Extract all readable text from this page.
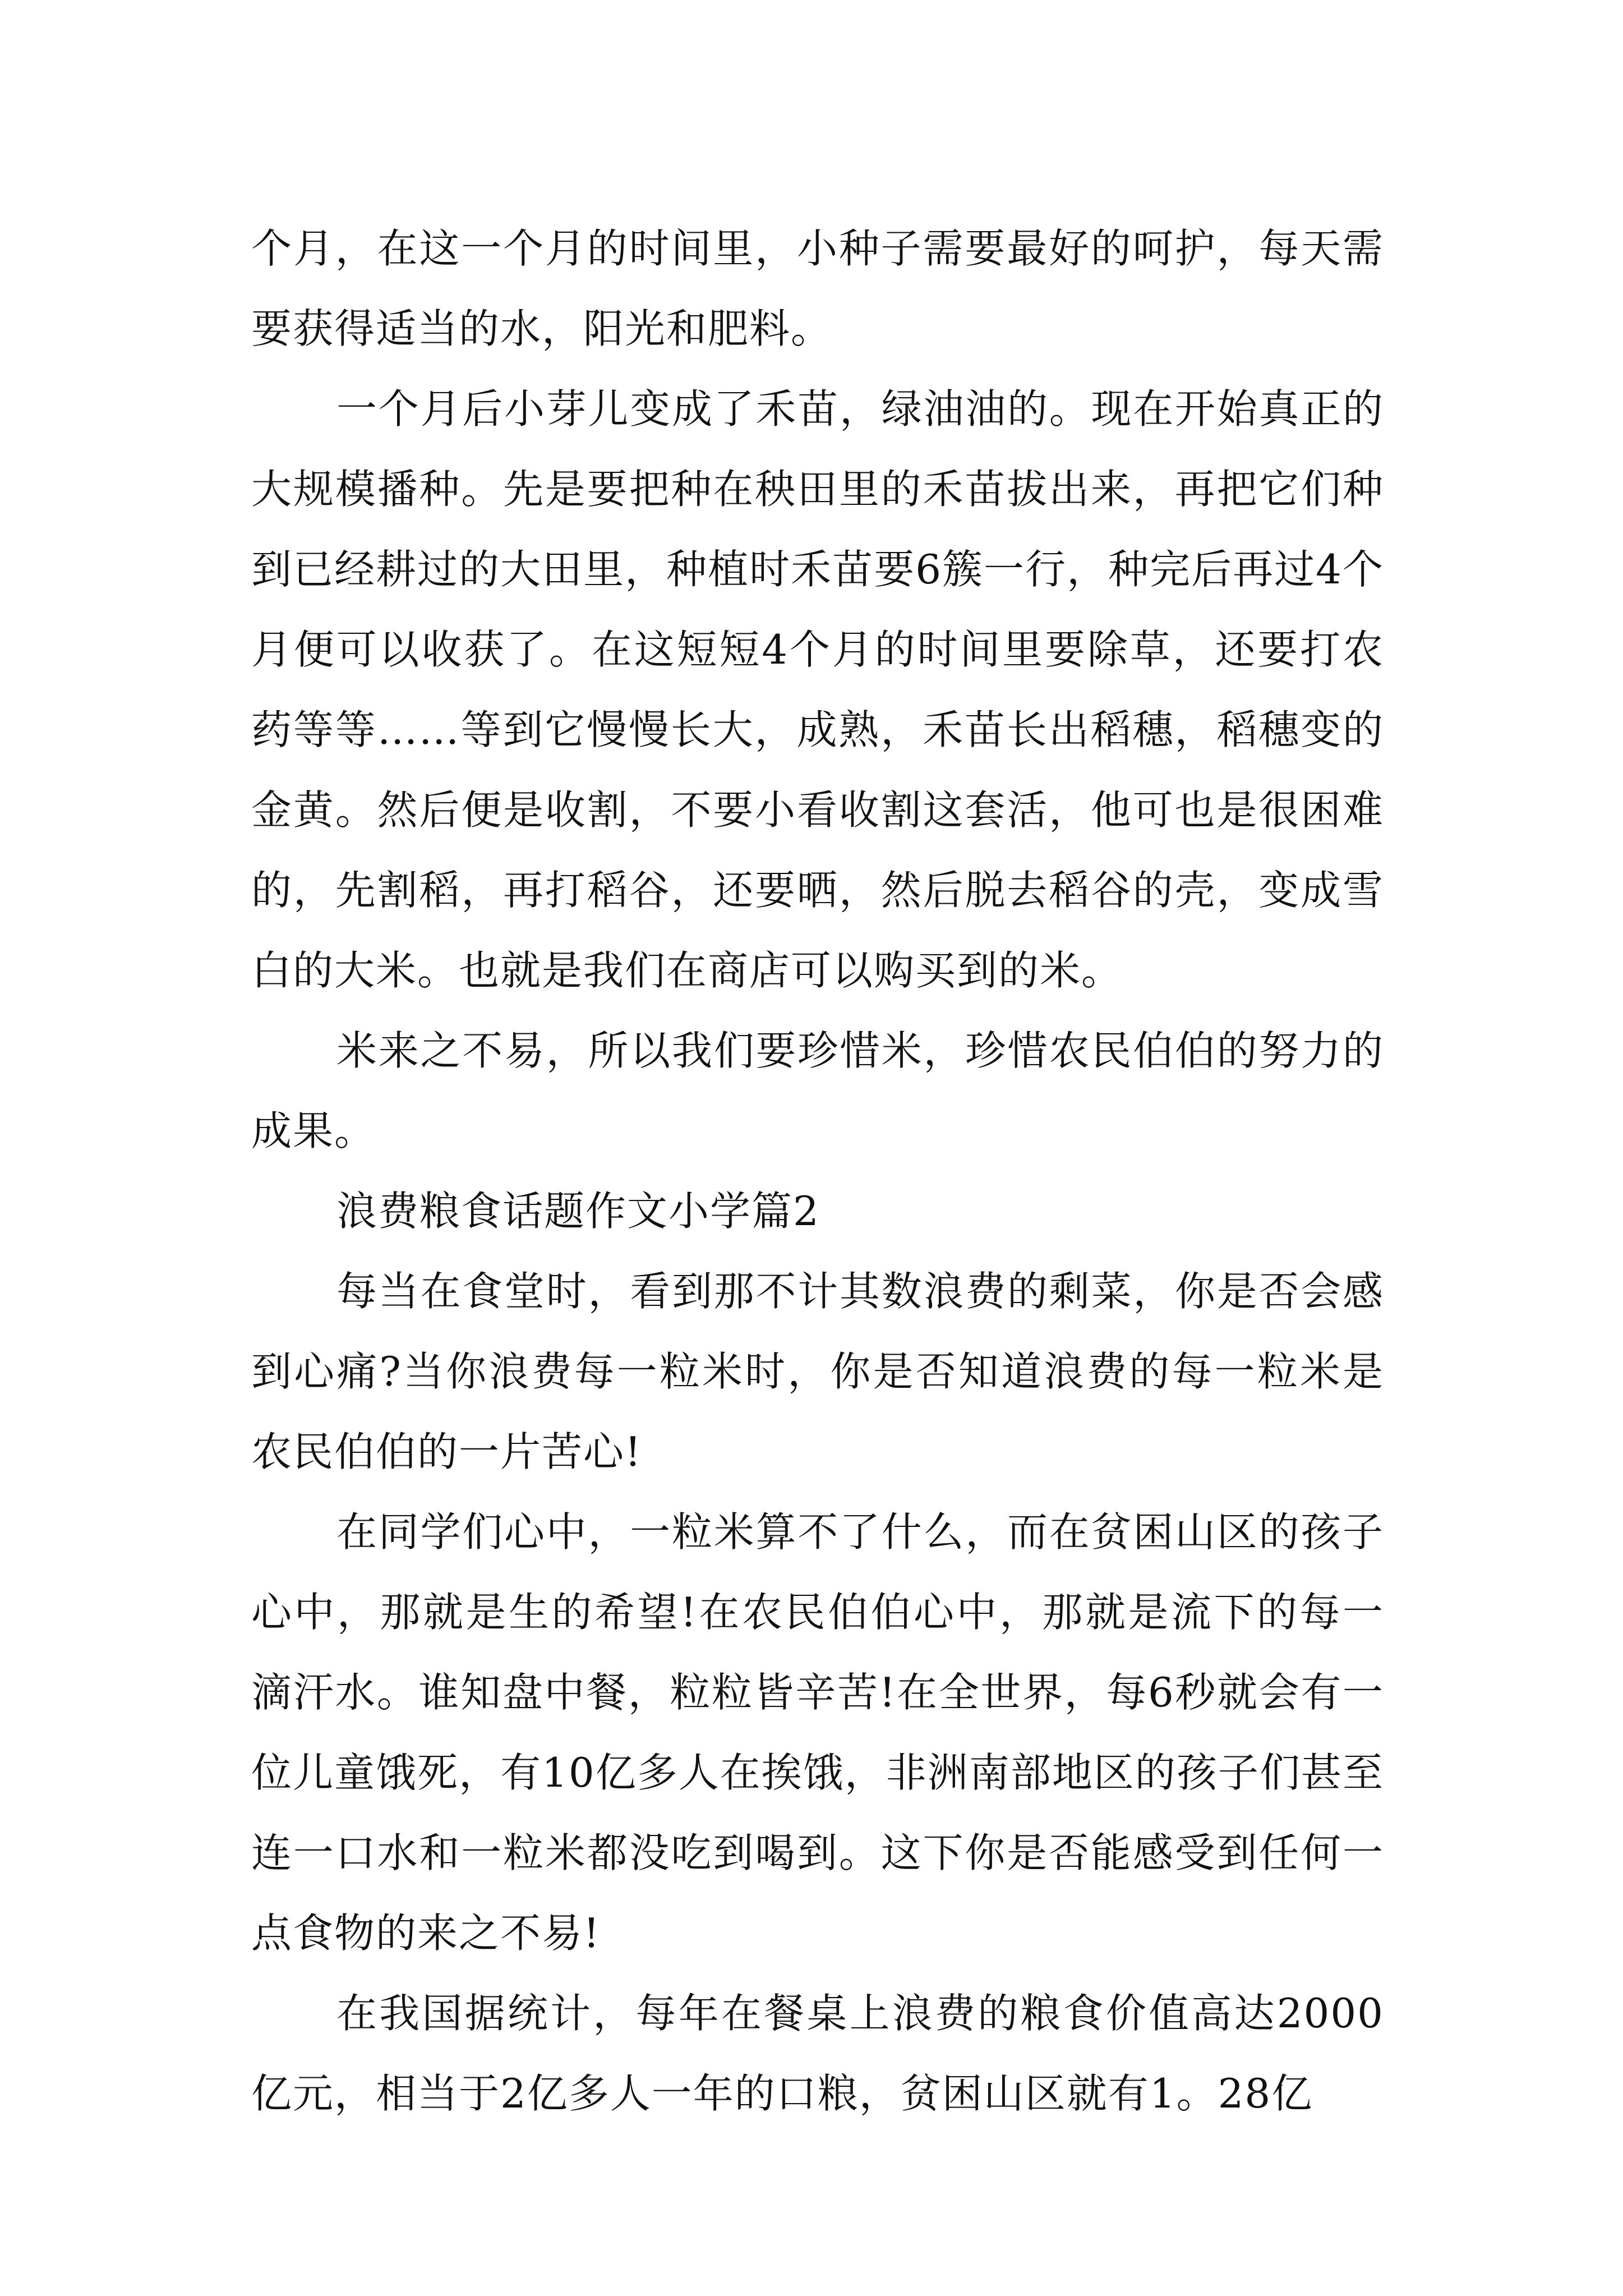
个月，在这一个月的时间里，小种子需要最好的呵护，每天需要获得适当的水，阳光和肥料。

一个月后小芽儿变成了禾苗，绿油油的。现在开始真正的大规模播种。先是要把种在秧田里的禾苗拔出来，再把它们种到已经耕过的大田里，种植时禾苗要6簇一行，种完后再过4个月便可以收获了。在这短短4个月的时间里要除草，还要打农药等等……等到它慢慢长大，成熟，禾苗长出稻穗，稻穗变的金黄。然后便是收割，不要小看收割这套活，他可也是很困难的，先割稻，再打稻谷，还要晒，然后脱去稻谷的壳，变成雪白的大米。也就是我们在商店可以购买到的米。

米来之不易，所以我们要珍惜米，珍惜农民伯伯的努力的成果。

浪费粮食话题作文小学篇2

每当在食堂时，看到那不计其数浪费的剩菜，你是否会感到心痛?当你浪费每一粒米时，你是否知道浪费的每一粒米是农民伯伯的一片苦心!

在同学们心中，一粒米算不了什么，而在贫困山区的孩子心中，那就是生的希望!在农民伯伯心中，那就是流下的每一滴汗水。谁知盘中餐，粒粒皆辛苦!在全世界，每6秒就会有一位儿童饿死，有10亿多人在挨饿，非洲南部地区的孩子们甚至连一口水和一粒米都没吃到喝到。这下你是否能感受到任何一点食物的来之不易!

在我国据统计，每年在餐桌上浪费的粮食价值高达2000亿元，相当于2亿多人一年的口粮，贫困山区就有1。28亿
